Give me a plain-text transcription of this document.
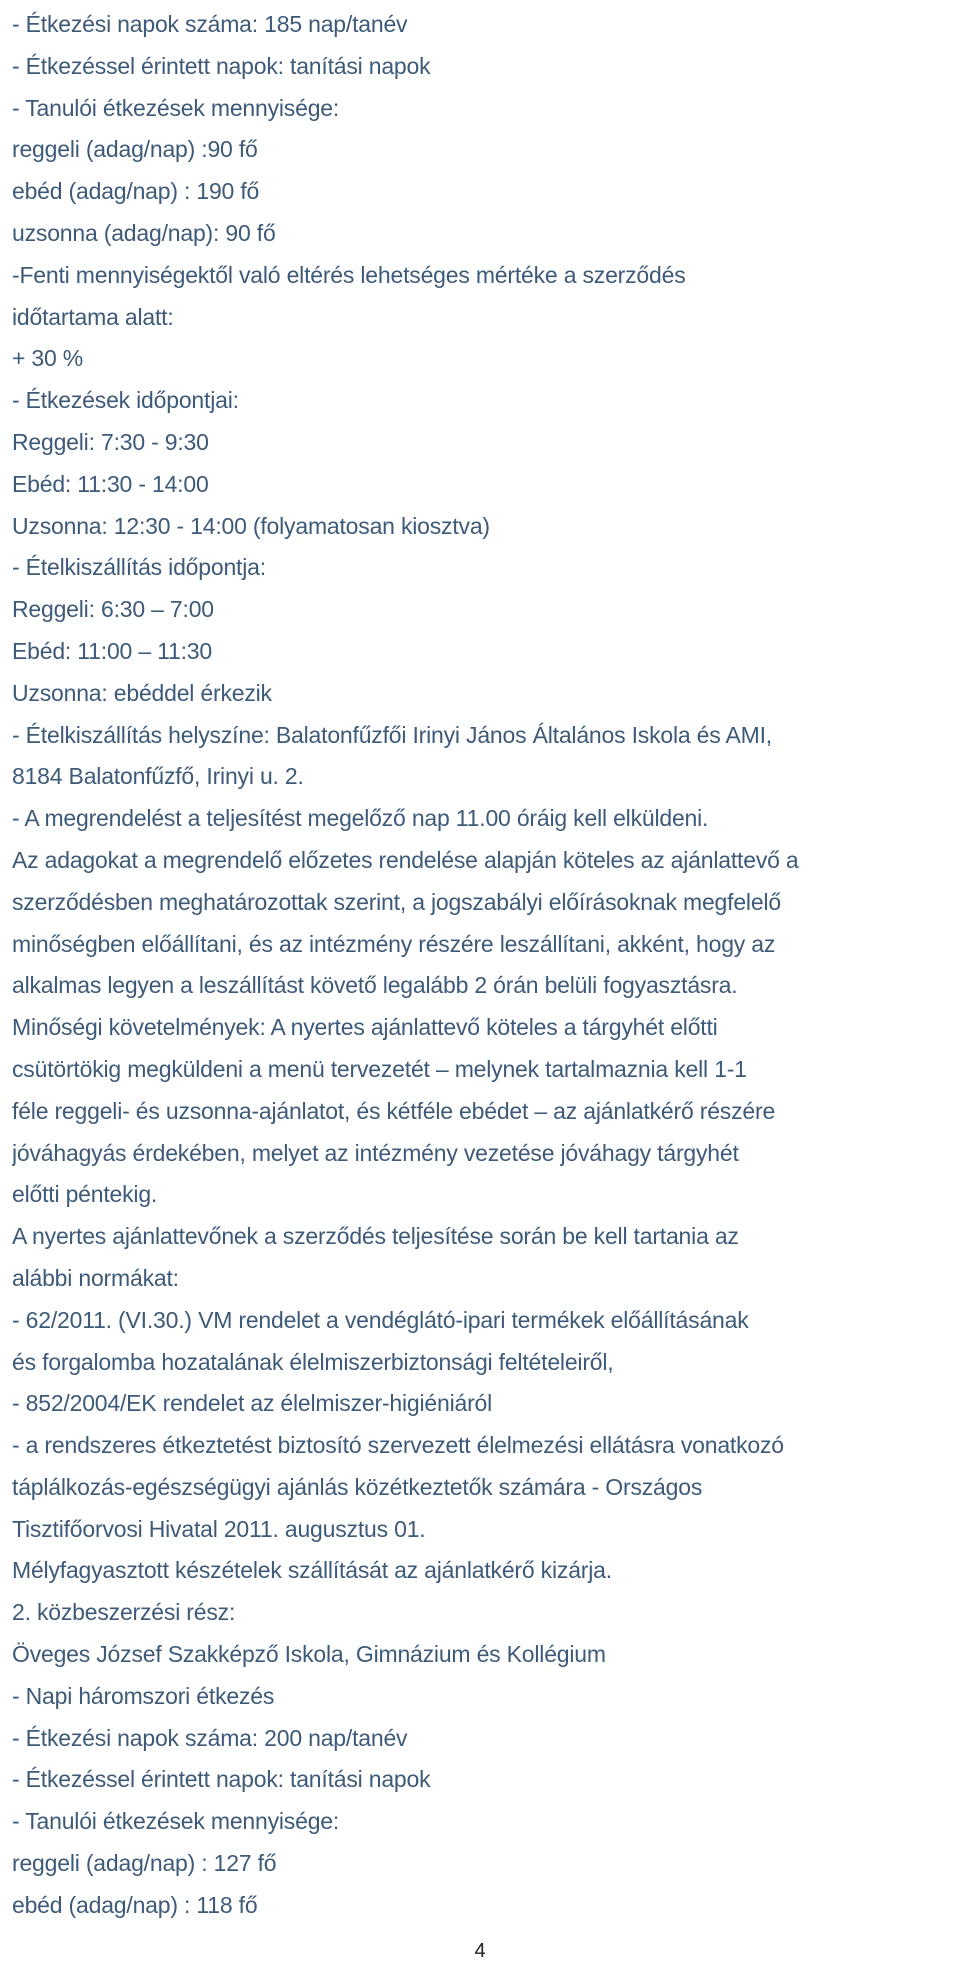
- Étkezési napok száma: 185 nap/tanév
- Étkezéssel érintett napok: tanítási napok
- Tanulói étkezések mennyisége:
reggeli (adag/nap) :90 fő
ebéd (adag/nap) : 190 fő
uzsonna (adag/nap): 90 fő
-Fenti mennyiségektől való eltérés lehetséges mértéke a szerződés
időtartama alatt:
+ 30 %
- Étkezések időpontjai:
Reggeli: 7:30 - 9:30
Ebéd: 11:30 - 14:00
Uzsonna: 12:30 - 14:00 (folyamatosan kiosztva)
- Ételkiszállítás időpontja:
Reggeli: 6:30 – 7:00
Ebéd: 11:00 – 11:30
Uzsonna: ebéddel érkezik
- Ételkiszállítás helyszíne: Balatonfűzfői Irinyi János Általános Iskola és AMI,
8184 Balatonfűzfő, Irinyi u. 2.
- A megrendelést a teljesítést megelőző nap 11.00 óráig kell elküldeni.
Az adagokat a megrendelő előzetes rendelése alapján köteles az ajánlattevő a
szerződésben meghatározottak szerint, a jogszabályi előírásoknak megfelelő
minőségben előállítani, és az intézmény részére leszállítani, akként, hogy az
alkalmas legyen a leszállítást követő legalább 2 órán belüli fogyasztásra.
Minőségi követelmények: A nyertes ajánlattevő köteles a tárgyhét előtti
csütörtökig megküldeni a menü tervezetét – melynek tartalmaznia kell 1-1
féle reggeli- és uzsonna-ajánlatot, és kétféle ebédet – az ajánlatkérő részére
jóváhagyás érdekében, melyet az intézmény vezetése jóváhagy tárgyhét
előtti péntekig.
A nyertes ajánlattevőnek a szerződés teljesítése során be kell tartania az
alábbi normákat:
- 62/2011. (VI.30.) VM rendelet a vendéglátó-ipari termékek előállításának
és forgalomba hozatalának élelmiszerbiztonsági feltételeiről,
- 852/2004/EK rendelet az élelmiszer-higiéniáról
- a rendszeres étkeztetést biztosító szervezett élelmezési ellátásra vonatkozó
táplálkozás-egészségügyi ajánlás közétkeztetők számára - Országos
Tisztifőorvosi Hivatal 2011. augusztus 01.
Mélyfagyasztott készételek szállítását az ajánlatkérő kizárja.
2. közbeszerzési rész:
Öveges József Szakképző Iskola, Gimnázium és Kollégium
- Napi háromszori étkezés
- Étkezési napok száma: 200 nap/tanév
- Étkezéssel érintett napok: tanítási napok
- Tanulói étkezések mennyisége:
reggeli (adag/nap) : 127 fő
ebéd (adag/nap) : 118 fő
4
